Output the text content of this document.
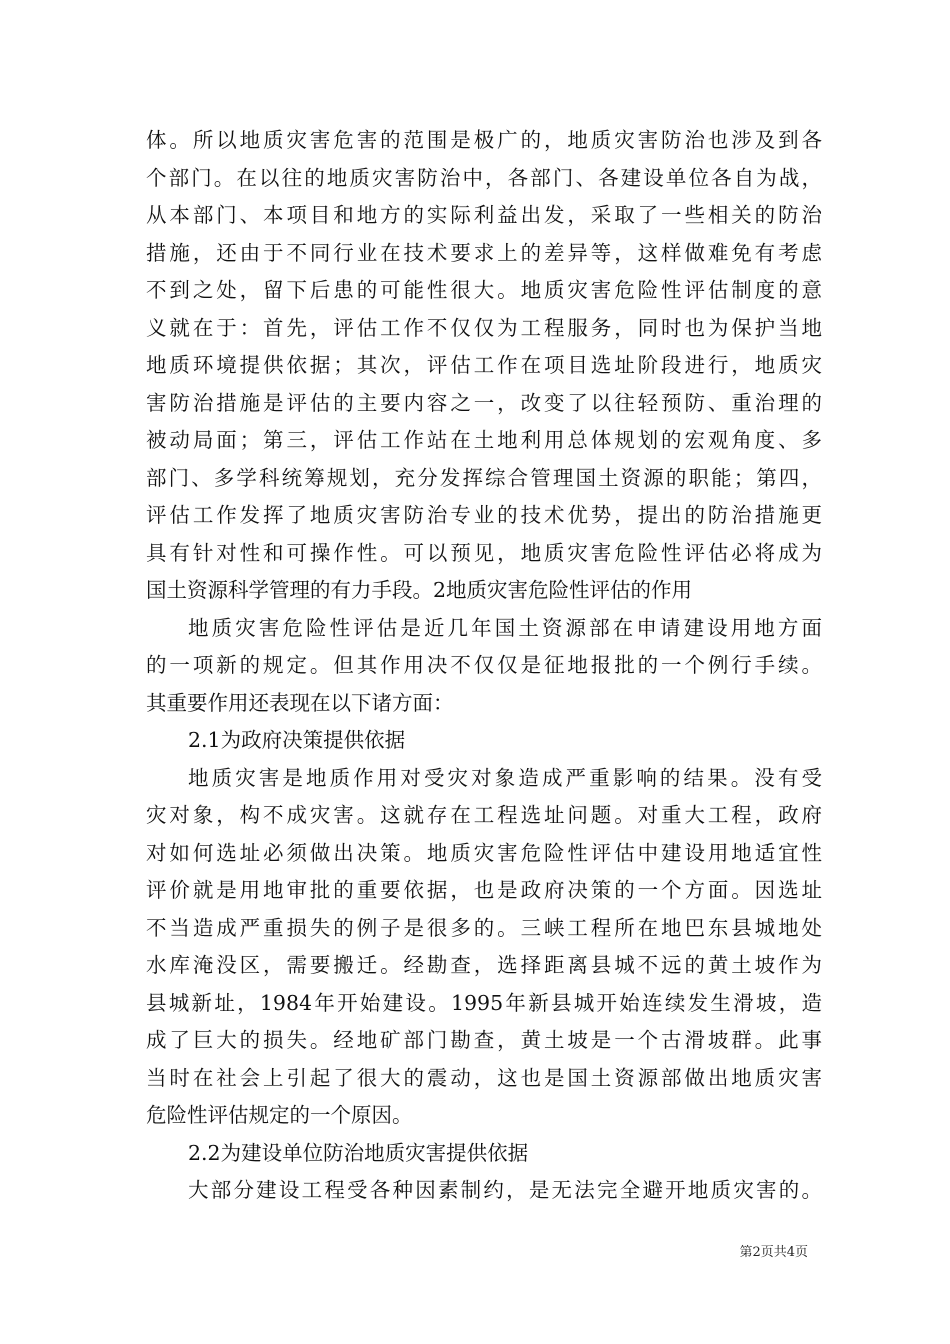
体。所以地质灾害危害的范围是极广的，地质灾害防治也涉及到各
个部门。在以往的地质灾害防治中，各部门、各建设单位各自为战，
从本部门、本项目和地方的实际利益出发，采取了一些相关的防治
措施，还由于不同行业在技术要求上的差异等，这样做难免有考虑
不到之处，留下后患的可能性很大。地质灾害危险性评估制度的意
义就在于：首先，评估工作不仅仅为工程服务，同时也为保护当地
地质环境提供依据；其次，评估工作在项目选址阶段进行，地质灾
害防治措施是评估的主要内容之一，改变了以往轻预防、重治理的
被动局面；第三，评估工作站在土地利用总体规划的宏观角度、多
部门、多学科统筹规划，充分发挥综合管理国土资源的职能；第四，
评估工作发挥了地质灾害防治专业的技术优势，提出的防治措施更
具有针对性和可操作性。可以预见，地质灾害危险性评估必将成为
国土资源科学管理的有力手段。2地质灾害危险性评估的作用
地质灾害危险性评估是近几年国土资源部在申请建设用地方面
的一项新的规定。但其作用决不仅仅是征地报批的一个例行手续。
其重要作用还表现在以下诸方面：
2.1为政府决策提供依据
地质灾害是地质作用对受灾对象造成严重影响的结果。没有受
灾对象，构不成灾害。这就存在工程选址问题。对重大工程，政府
对如何选址必须做出决策。地质灾害危险性评估中建设用地适宜性
评价就是用地审批的重要依据，也是政府决策的一个方面。因选址
不当造成严重损失的例子是很多的。三峡工程所在地巴东县城地处
水库淹没区，需要搬迁。经勘查，选择距离县城不远的黄土坡作为
县城新址，1984年开始建设。1995年新县城开始连续发生滑坡，造
成了巨大的损失。经地矿部门勘查，黄土坡是一个古滑坡群。此事
当时在社会上引起了很大的震动，这也是国土资源部做出地质灾害
危险性评估规定的一个原因。
2.2为建设单位防治地质灾害提供依据
大部分建设工程受各种因素制约，是无法完全避开地质灾害的。
第2页共4页
